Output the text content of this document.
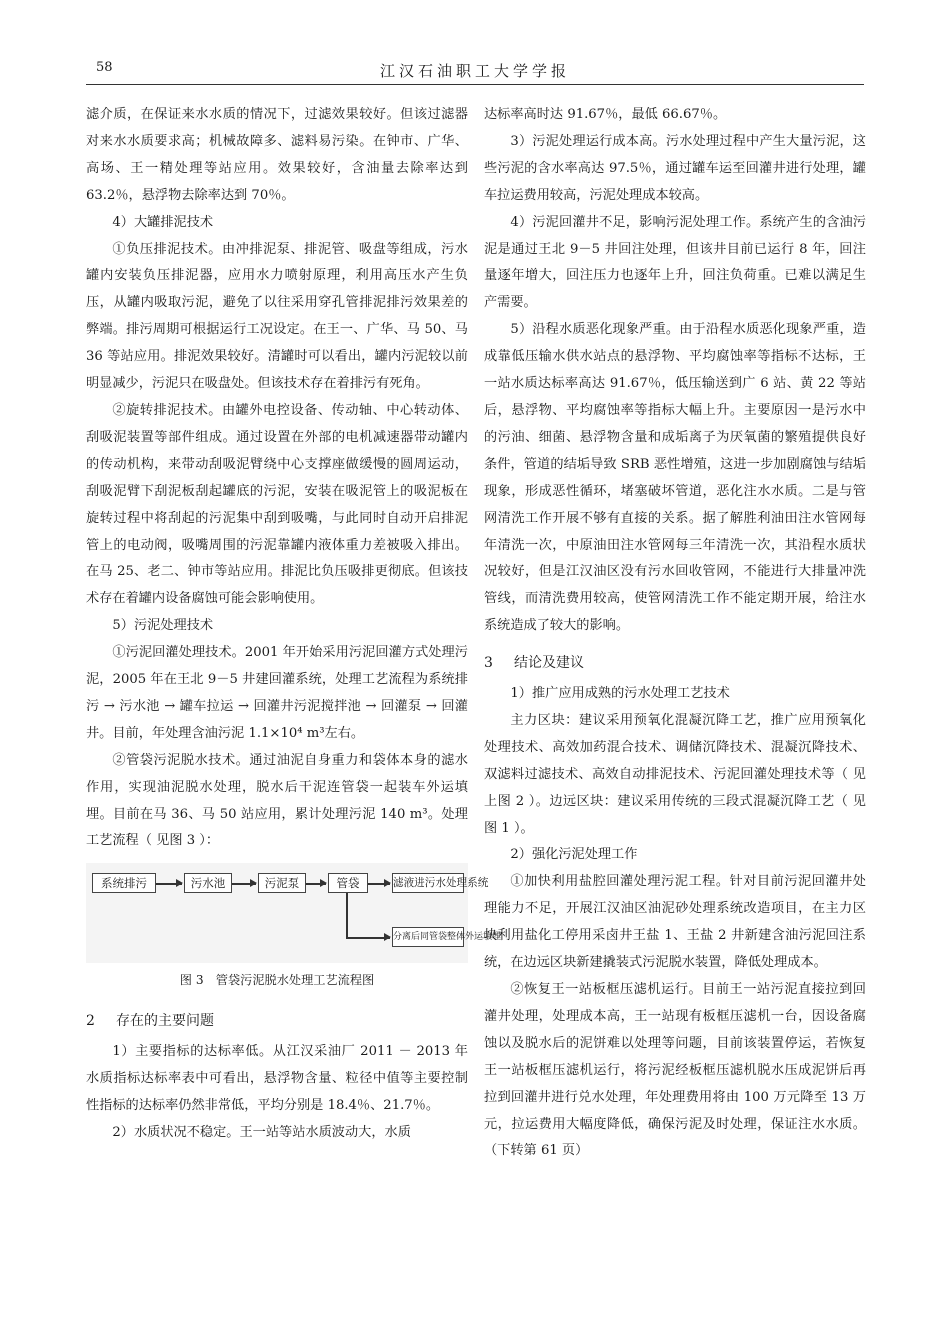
58	江汉石油职工大学学报

滤介质，在保证来水水质的情况下，过滤效果较好。但该过滤器对来水水质要求高；机械故障多、滤料易污染。在钟市、广华、高场、王一精处理等站应用。效果较好，含油量去除率达到 63.2％，悬浮物去除率达到 70％。

4）大罐排泥技术

①负压排泥技术。由冲排泥泵、排泥管、吸盘等组成，污水罐内安装负压排泥器，应用水力喷射原理，利用高压水产生负压，从罐内吸取污泥，避免了以往采用穿孔管排泥排污效果差的弊端。排污周期可根据运行工况设定。在王一、广华、马 50、马 36 等站应用。排泥效果较好。清罐时可以看出，罐内污泥较以前明显减少，污泥只在吸盘处。但该技术存在着排污有死角。

②旋转排泥技术。由罐外电控设备、传动轴、中心转动体、刮吸泥装置等部件组成。通过设置在外部的电机减速器带动罐内的传动机构，来带动刮吸泥臂绕中心支撑座做缓慢的圆周运动，刮吸泥臂下刮泥板刮起罐底的污泥，安装在吸泥管上的吸泥板在旋转过程中将刮起的污泥集中刮到吸嘴，与此同时自动开启排泥管上的电动阀，吸嘴周围的污泥靠罐内液体重力差被吸入排出。在马 25、老二、钟市等站应用。排泥比负压吸排更彻底。但该技术存在着罐内设备腐蚀可能会影响使用。

5）污泥处理技术

①污泥回灌处理技术。2001 年开始采用污泥回灌方式处理污泥，2005 年在王北 9－5 井建回灌系统，处理工艺流程为系统排污 → 污水池 → 罐车拉运 → 回灌井污泥搅拌池 → 回灌泵 → 回灌井。目前，年处理含油污泥 1.1×10⁴ m³左右。

②管袋污泥脱水技术。通过油泥自身重力和袋体本身的滤水作用，实现油泥脱水处理，脱水后干泥连管袋一起装车外运填埋。目前在马 36、马 50 站应用，累计处理污泥 140 m³。处理工艺流程（ 见图 3 ）：

系统排污	污水池	污泥泵	管袋	滤液进污水处理系统
分离后同管袋整体外运填埋
图 3　管袋污泥脱水处理工艺流程图
2 存在的主要问题

1）主要指标的达标率低。从江汉采油厂 2011 － 2013 年水质指标达标率表中可看出，悬浮物含量、粒径中值等主要控制性指标的达标率仍然非常低，平均分别是 18.4％、21.7％。

2）水质状况不稳定。王一站等站水质波动大，水质

达标率高时达 91.67％，最低 66.67％。

3）污泥处理运行成本高。污水处理过程中产生大量污泥，这些污泥的含水率高达 97.5％，通过罐车运至回灌井进行处理，罐车拉运费用较高，污泥处理成本较高。

4）污泥回灌井不足，影响污泥处理工作。系统产生的含油污泥是通过王北 9－5 井回注处理，但该井目前已运行 8 年，回注量逐年增大，回注压力也逐年上升，回注负荷重。已难以满足生产需要。

5）沿程水质恶化现象严重。由于沿程水质恶化现象严重，造成靠低压输水供水站点的悬浮物、平均腐蚀率等指标不达标，王一站水质达标率高达 91.67％，低压输送到广 6 站、黄 22 等站后，悬浮物、平均腐蚀率等指标大幅上升。主要原因一是污水中的污油、细菌、悬浮物含量和成垢离子为厌氧菌的繁殖提供良好条件，管道的结垢导致 SRB 恶性增殖，这进一步加剧腐蚀与结垢现象，形成恶性循环，堵塞破坏管道，恶化注水水质。二是与管网清洗工作开展不够有直接的关系。据了解胜利油田注水管网每年清洗一次，中原油田注水管网每三年清洗一次，其沿程水质状况较好，但是江汉油区没有污水回收管网，不能进行大排量冲洗管线，而清洗费用较高，使管网清洗工作不能定期开展，给注水系统造成了较大的影响。

3 结论及建议

1）推广应用成熟的污水处理工艺技术

主力区块：建议采用预氧化混凝沉降工艺，推广应用预氧化处理技术、高效加药混合技术、调储沉降技术、混凝沉降技术、双滤料过滤技术、高效自动排泥技术、污泥回灌处理技术等（ 见上图 2 ）。边远区块：建议采用传统的三段式混凝沉降工艺（ 见图 1 ）。

2）强化污泥处理工作

①加快利用盐腔回灌处理污泥工程。针对目前污泥回灌井处理能力不足，开展江汉油区油泥砂处理系统改造项目，在主力区块利用盐化工停用采卤井王盐 1、王盐 2 井新建含油污泥回注系统，在边远区块新建撬装式污泥脱水装置，降低处理成本。

②恢复王一站板框压滤机运行。目前王一站污泥直接拉到回灌井处理，处理成本高，王一站现有板框压滤机一台，因设备腐蚀以及脱水后的泥饼难以处理等问题，目前该装置停运，若恢复王一站板框压滤机运行，将污泥经板框压滤机脱水压成泥饼后再拉到回灌井进行兑水处理，年处理费用将由 100 万元降至 13 万元，拉运费用大幅度降低，确保污泥及时处理，保证注水水质。（下转第 61 页）
